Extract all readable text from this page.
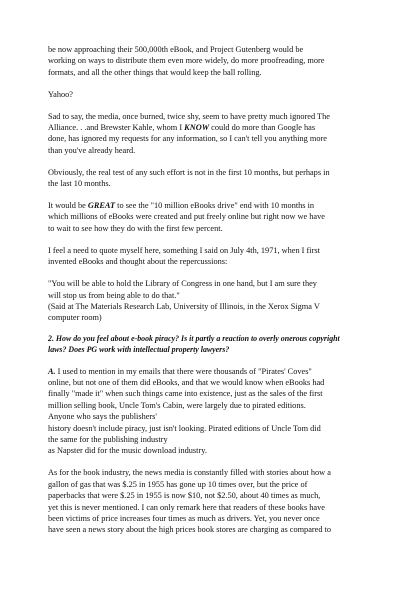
be now approaching their 500,000th eBook, and Project Gutenberg would be
working on ways to distribute them even more widely, do more proofreading, more
formats, and all the other things that would keep the ball rolling.

Yahoo?

Sad to say, the media, once burned, twice shy, seem to have pretty much ignored The
Alliance. . .and Brewster Kahle, whom I KNOW could do more than Google has
done, has ignored my requests for any information, so I can't tell you anything more
than you've already heard.

Obviously, the real test of any such effort is not in the first 10 months, but perhaps in
the last 10 months.

It would be GREAT to see the "10 million eBooks drive" end with 10 months in
which millions of eBooks were created and put freely online but right now we have
to wait to see how they do with the first few percent.

I feel a need to quote myself here, something I said on July 4th, 1971, when I first
invented eBooks and thought about the repercussions:

"You will be able to hold the Library of Congress in one hand, but I am sure they
will stop us from being able to do that."
(Said at The Materials Research Lab, University of Illinois, in the Xerox Sigma V
computer room)

2. How do you feel about e-book piracy? Is it partly a reaction to overly onerous copyright
laws? Does PG work with intellectual property lawyers?

A. I used to mention in my emails that there were thousands of "Pirates' Coves"
online, but not one of them did eBooks, and that we would know when eBooks had
finally "made it" when such things came into existence, just as the sales of the first
million selling book, Uncle Tom's Cabin, were largely due to pirated editions.
Anyone who says the publishers'
history doesn't include piracy, just isn't looking. Pirated editions of Uncle Tom did
the same for the publishing industry
as Napster did for the music download industry.

As for the book industry, the news media is constantly filled with stories about how a
gallon of gas that was $.25 in 1955 has gone up 10 times over, but the price of
paperbacks that were $.25 in 1955 is now $10, not $2.50, about 40 times as much,
yet this is never mentioned. I can only remark here that readers of these books have
been victims of price increases four times as much as drivers. Yet, you never once
have seen a news story about the high prices book stores are charging as compared to
